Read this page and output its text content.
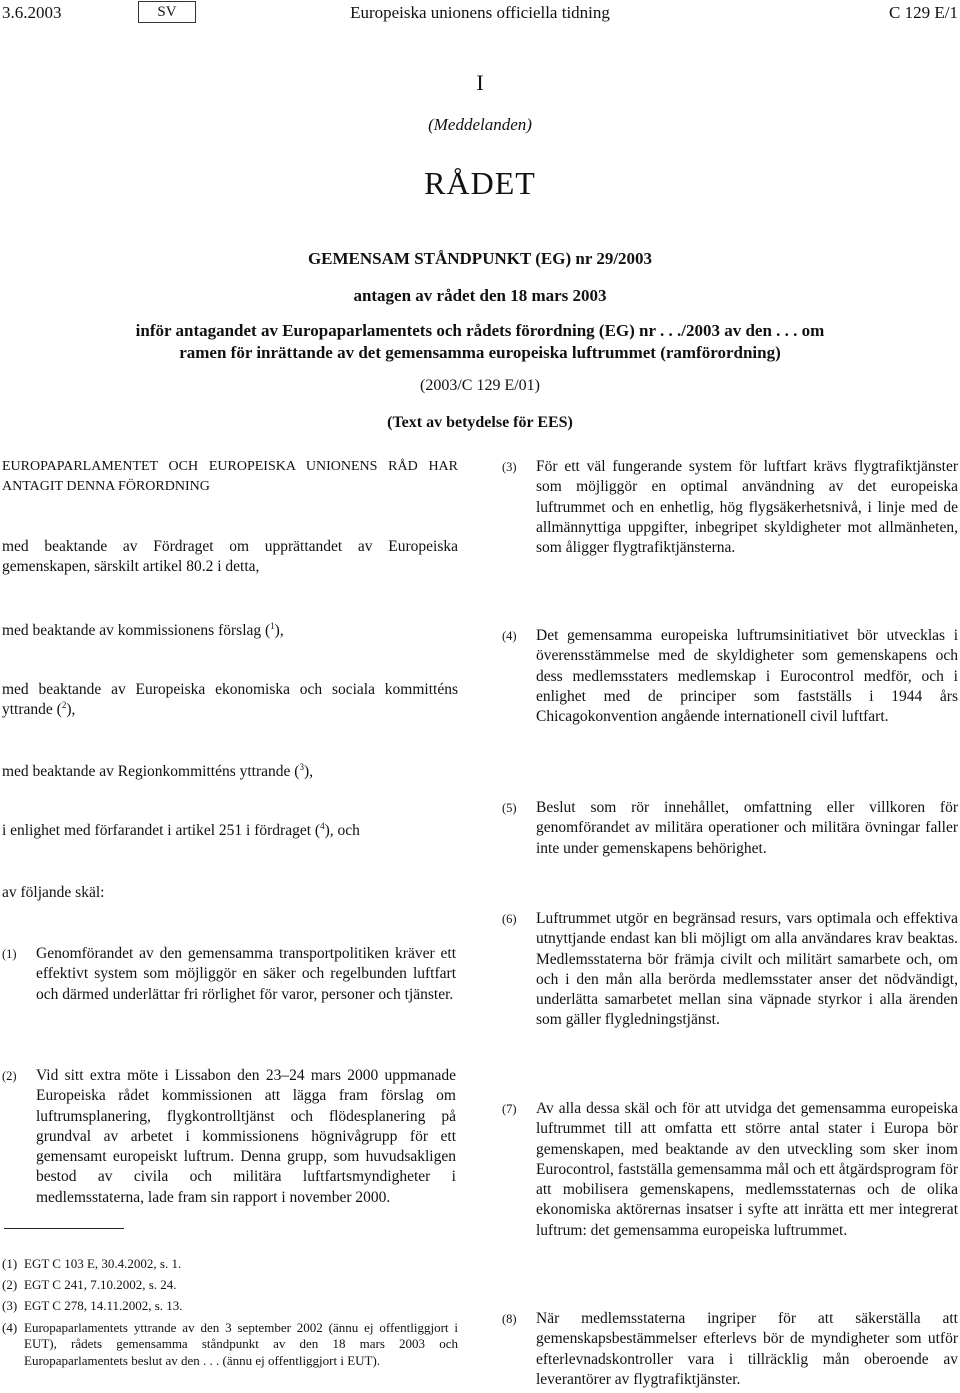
3.6.2003	SV	Europeiska unionens officiella tidning	C 129 E/1
I
(Meddelanden)
RÅDET
GEMENSAM STÅNDPUNKT (EG) nr 29/2003
antagen av rådet den 18 mars 2003
inför antagandet av Europaparlamentets och rådets förordning (EG) nr . . ./2003 av den . . . om
ramen för inrättande av det gemensamma europeiska luftrummet (ramförordning)
(2003/C 129 E/01)
(Text av betydelse för EES)
EUROPAPARLAMENTET OCH EUROPEISKA UNIONENS RÅD HAR ANTAGIT DENNA FÖRORDNING
med beaktande av Fördraget om upprättandet av Europeiska gemenskapen, särskilt artikel 80.2 i detta,
med beaktande av kommissionens förslag ($^1$),
med beaktande av Europeiska ekonomiska och sociala kommitténs yttrande ($^2$),
med beaktande av Regionkommitténs yttrande ($^3$),
i enlighet med förfarandet i artikel 251 i fördraget ($^4$), och
av följande skäl:
(1) Genomförandet av den gemensamma transportpolitiken kräver ett effektivt system som möjliggör en säker och regelbunden luftfart och därmed underlättar fri rörlighet för varor, personer och tjänster.
(2) Vid sitt extra möte i Lissabon den 23–24 mars 2000 uppmanade Europeiska rådet kommissionen att lägga fram förslag om luftrumsplanering, flygkontrolltjänst och flödesplanering på grundval av arbetet i kommissionens högnivågrupp för ett gemensamt europeiskt luftrum. Denna grupp, som huvudsakligen bestod av civila och militära luftfartsmyndigheter i medlemsstaterna, lade fram sin rapport i november 2000.
(1) EGT C 103 E, 30.4.2002, s. 1.
(2) EGT C 241, 7.10.2002, s. 24.
(3) EGT C 278, 14.11.2002, s. 13.
(4) Europaparlamentets yttrande av den 3 september 2002 (ännu ej offentliggjort i EUT), rådets gemensamma ståndpunkt av den 18 mars 2003 och Europaparlamentets beslut av den . . . (ännu ej offentliggjort i EUT).
(3) För ett väl fungerande system för luftfart krävs flygtrafiktjänster som möjliggör en optimal användning av det europeiska luftrummet och en enhetlig, hög flygsäkerhetsnivå, i linje med de allmännyttiga uppgifter, inbegripet skyldigheter mot allmänheten, som åligger flygtrafiktjänsterna.
(4) Det gemensamma europeiska luftrumsinitiativet bör utvecklas i överensstämmelse med de skyldigheter som gemenskapens och dess medlemsstaters medlemskap i Eurocontrol medför, och i enlighet med de principer som fastställs i 1944 års Chicagokonvention angående internationell civil luftfart.
(5) Beslut som rör innehållet, omfattning eller villkoren för genomförandet av militära operationer och militära övningar faller inte under gemenskapens behörighet.
(6) Luftrummet utgör en begränsad resurs, vars optimala och effektiva utnyttjande endast kan bli möjligt om alla användares krav beaktas. Medlemsstaterna bör främja civilt och militärt samarbete och, om och i den mån alla berörda medlemsstater anser det nödvändigt, underlätta samarbetet mellan sina väpnade styrkor i alla ärenden som gäller flygledningstjänst.
(7) Av alla dessa skäl och för att utvidga det gemensamma europeiska luftrummet till att omfatta ett större antal stater i Europa bör gemenskapen, med beaktande av den utveckling som sker inom Eurocontrol, fastställa gemensamma mål och ett åtgärdsprogram för att mobilisera gemenskapens, medlemsstaternas och de olika ekonomiska aktörernas insatser i syfte att inrätta ett mer integrerat luftrum: det gemensamma europeiska luftrummet.
(8) När medlemsstaterna ingriper för att säkerställa att gemenskapsbestämmelser efterlevs bör de myndigheter som utför efterlevnadskontroller vara i tillräcklig mån oberoende av leverantörer av flygtrafiktjänster.
